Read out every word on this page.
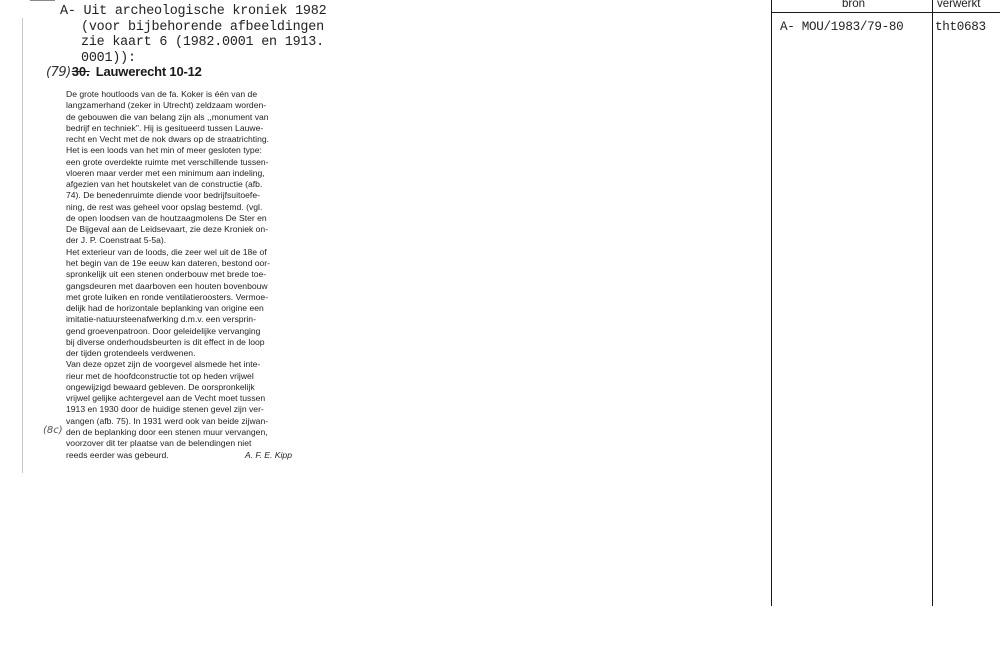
A- Uit archeologische kroniek 1982
(voor bijbehorende afbeeldingen
zie kaart 6 (1982.0001 en 1913.
0001)):
(79) 30. Lauwerecht 10-12
De grote houtloods van de fa. Koker is één van de
langzamerhand (zeker in Utrecht) zeldzaam worden-
de gebouwen die van belang zijn als ,,monument van
bedrijf en techniek''. Hij is gesitueerd tussen Lauwe-
recht en Vecht met de nok dwars op de straatrichting.
Het is een loods van het min of meer gesloten type:
een grote overdekte ruimte met verschillende tussen-
vloeren maar verder met een minimum aan indeling,
afgezien van het houtskelet van de constructie (afb.
74). De benedenruimte diende voor bedrijfsuitoefe-
ning, de rest was geheel voor opslag bestemd. (vgl.
de open loodsen van de houtzaagmolens De Ster en
De Bijgeval aan de Leidsevaart, zie deze Kroniek on-
der J. P. Coenstraat 5-5a).
Het exterieur van de loods, die zeer wel uit de 18e of
het begin van de 19e eeuw kan dateren, bestond oor-
spronkelijk uit een stenen onderbouw met brede toe-
gangsdeuren met daarboven een houten bovenbouw
met grote luiken en ronde ventilatieroosters. Vermoe-
delijk had de horizontale beplanking van origine een
imitatie-natuursteenafwerking d.m.v. een versprin-
gend groevenpatroon. Door geleidelijke vervanging
bij diverse onderhoudsbeurten is dit effect in de loop
der tijden grotendeels verdwenen.
Van deze opzet zijn de voorgevel alsmede het inte-
rieur met de hoofdconstructie tot op heden vrijwel
ongewijzigd bewaard gebleven. De oorspronkelijk
vrijwel gelijke achtergevel aan de Vecht moet tussen
1913 en 1930 door de huidige stenen gevel zijn ver-
vangen (afb. 75). In 1931 werd ook van beide zijwan-
den de beplanking door een stenen muur vervangen,
voorzover dit ter plaatse van de belendingen niet
reeds eerder was gebeurd.	A. F. E. Kipp
(8c)
bron	verwerkt
A- MOU/1983/79-80	tht0683
